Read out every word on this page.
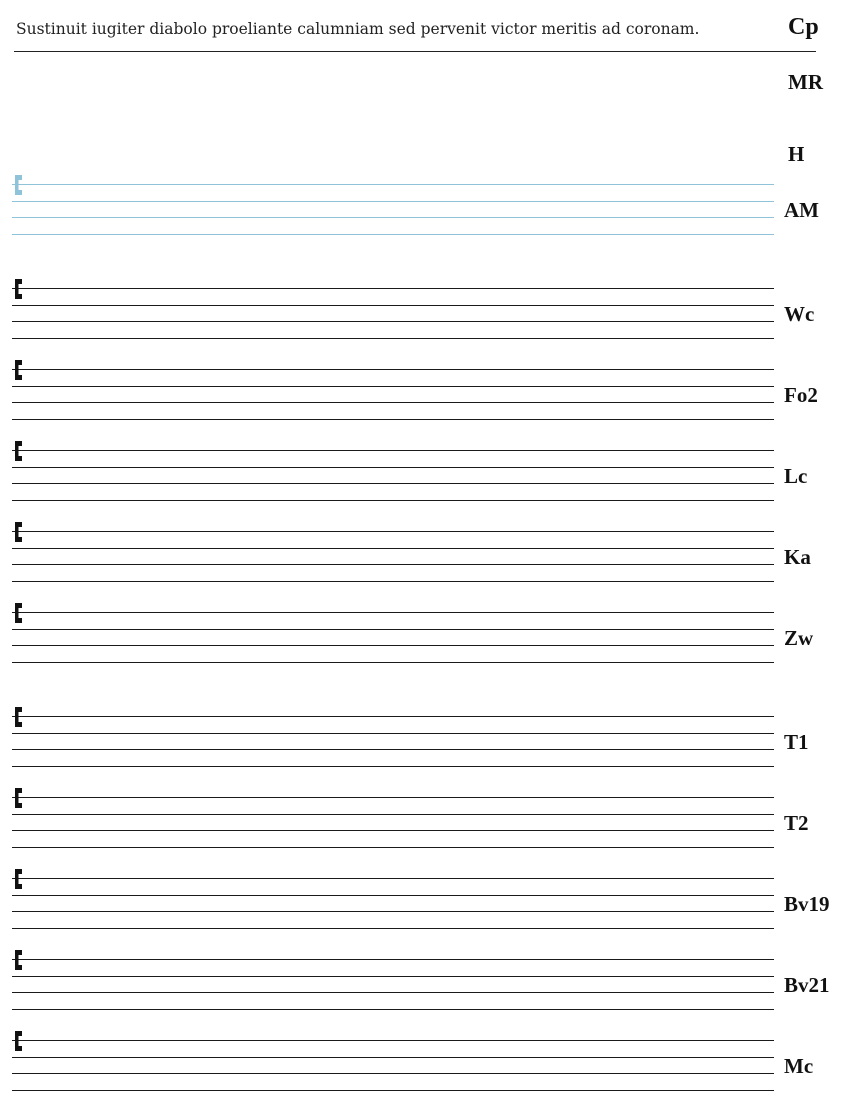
Sustinuit iugiter diabolo proeliante calumniam sed pervenit victor meritis ad coronam.	Cp
MR
H
AM
Wc
Fo2
Lc
Ka
Zw
T1
T2
Bv19
Bv21
Mc
